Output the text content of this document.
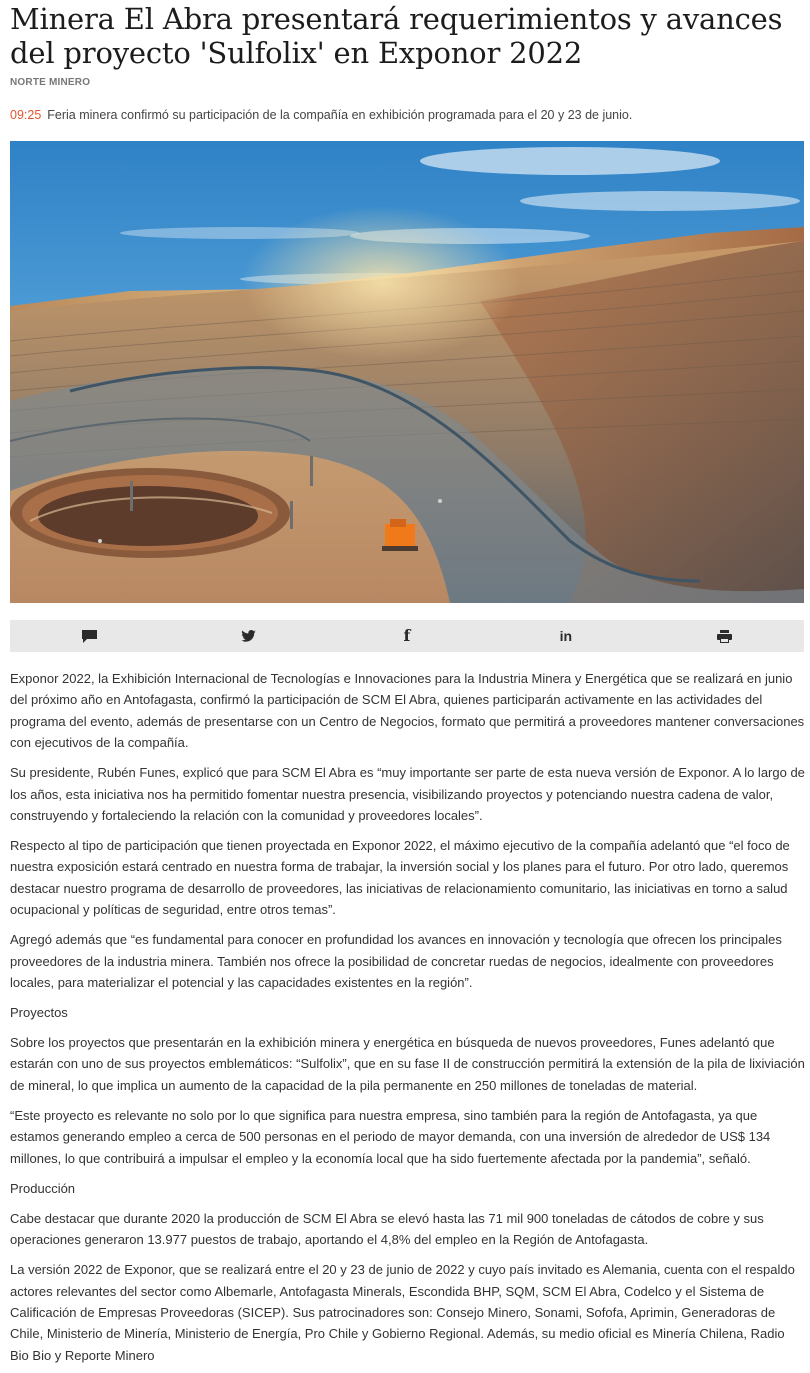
Minera El Abra presentará requerimientos y avances del proyecto 'Sulfolix' en Exponor 2022
NORTE MINERO

09:25 Feria minera confirmó su participación de la compañía en exhibición programada para el 20 y 23 de junio.

f	in

Exponor 2022, la Exhibición Internacional de Tecnologías e Innovaciones para la Industria Minera y Energética que se realizará en junio del próximo año en Antofagasta, confirmó la participación de SCM El Abra, quienes participarán activamente en las actividades del programa del evento, además de presentarse con un Centro de Negocios, formato que permitirá a proveedores mantener conversaciones con ejecutivos de la compañía.

Su presidente, Rubén Funes, explicó que para SCM El Abra es “muy importante ser parte de esta nueva versión de Exponor. A lo largo de los años, esta iniciativa nos ha permitido fomentar nuestra presencia, visibilizando proyectos y potenciando nuestra cadena de valor, construyendo y fortaleciendo la relación con la comunidad y proveedores locales”.

Respecto al tipo de participación que tienen proyectada en Exponor 2022, el máximo ejecutivo de la compañía adelantó que “el foco de nuestra exposición estará centrado en nuestra forma de trabajar, la inversión social y los planes para el futuro. Por otro lado, queremos destacar nuestro programa de desarrollo de proveedores, las iniciativas de relacionamiento comunitario, las iniciativas en torno a salud ocupacional y políticas de seguridad, entre otros temas”.

Agregó además que “es fundamental para conocer en profundidad los avances en innovación y tecnología que ofrecen los principales proveedores de la industria minera. También nos ofrece la posibilidad de concretar ruedas de negocios, idealmente con proveedores locales, para materializar el potencial y las capacidades existentes en la región”.

Proyectos

Sobre los proyectos que presentarán en la exhibición minera y energética en búsqueda de nuevos proveedores, Funes adelantó que estarán con uno de sus proyectos emblemáticos: “Sulfolix”, que en su fase II de construcción permitirá la extensión de la pila de lixiviación de mineral, lo que implica un aumento de la capacidad de la pila permanente en 250 millones de toneladas de material.

“Este proyecto es relevante no solo por lo que significa para nuestra empresa, sino también para la región de Antofagasta, ya que estamos generando empleo a cerca de 500 personas en el periodo de mayor demanda, con una inversión de alrededor de US$ 134 millones, lo que contribuirá a impulsar el empleo y la economía local que ha sido fuertemente afectada por la pandemia”, señaló.

Producción

Cabe destacar que durante 2020 la producción de SCM El Abra se elevó hasta las 71 mil 900 toneladas de cátodos de cobre y sus operaciones generaron 13.977 puestos de trabajo, aportando el 4,8% del empleo en la Región de Antofagasta.

La versión 2022 de Exponor, que se realizará entre el 20 y 23 de junio de 2022 y cuyo país invitado es Alemania, cuenta con el respaldo actores relevantes del sector como Albemarle, Antofagasta Minerals, Escondida BHP, SQM, SCM El Abra, Codelco y el Sistema de Calificación de Empresas Proveedoras (SICEP). Sus patrocinadores son: Consejo Minero, Sonami, Sofofa, Aprimin, Generadoras de Chile, Ministerio de Minería, Ministerio de Energía, Pro Chile y Gobierno Regional. Además, su medio oficial es Minería Chilena, Radio Bio Bio y Reporte Minero
